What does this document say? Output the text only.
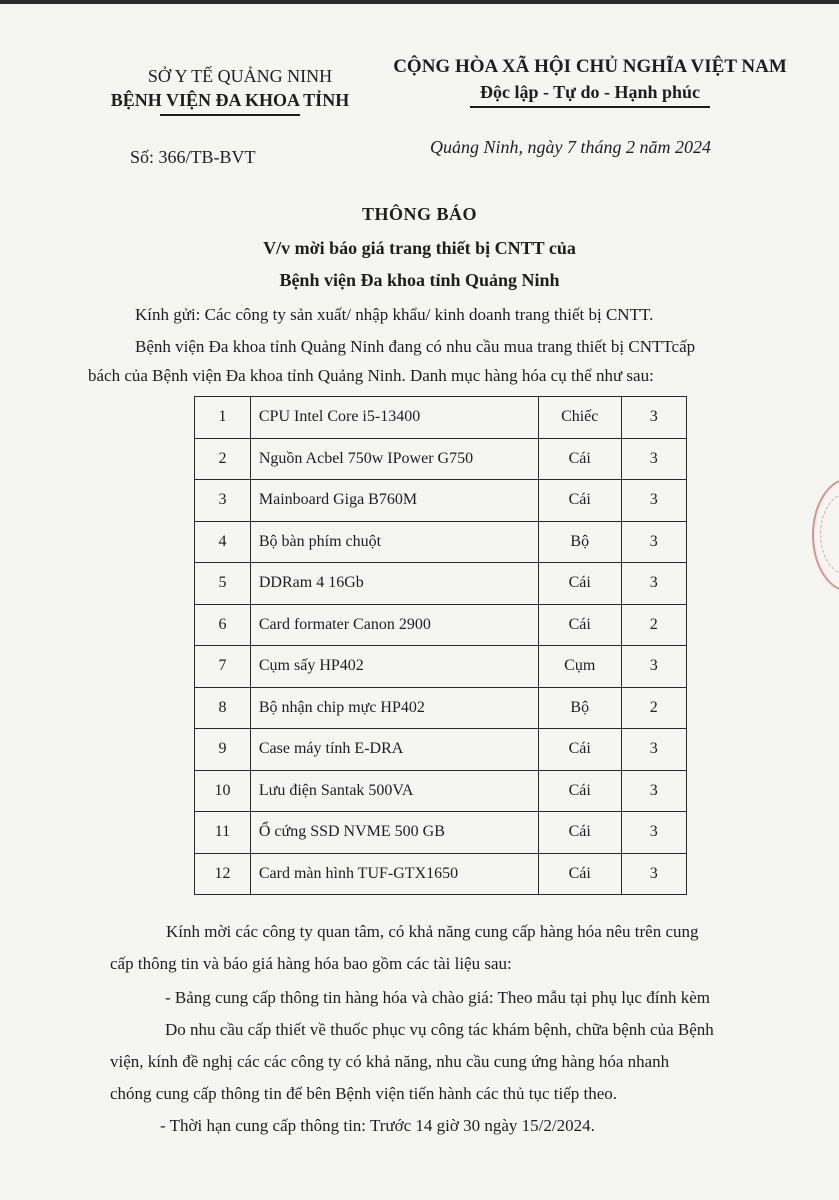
SỞ Y TẾ QUẢNG NINH
BỆNH VIỆN ĐA KHOA TỈNH
CỘNG HÒA XÃ HỘI CHỦ NGHĨA VIỆT NAM
Độc lập - Tự do - Hạnh phúc
Số: 366/TB-BVT	Quảng Ninh, ngày 7 tháng 2 năm 2024
THÔNG BÁO
V/v mời báo giá trang thiết bị CNTT của
Bệnh viện Đa khoa tỉnh Quảng Ninh
Kính gửi: Các công ty sản xuất/ nhập khẩu/ kinh doanh trang thiết bị CNTT.
Bệnh viện Đa khoa tỉnh Quảng Ninh đang có nhu cầu mua trang thiết bị CNTTcấp
bách của Bệnh viện Đa khoa tỉnh Quảng Ninh. Danh mục hàng hóa cụ thể như sau:
1	CPU Intel Core i5-13400	Chiếc	3
2	Nguồn Acbel 750w IPower G750	Cái	3
3	Mainboard Giga B760M	Cái	3
4	Bộ bàn phím chuột	Bộ	3
5	DDRam 4 16Gb	Cái	3
6	Card formater Canon 2900	Cái	2
7	Cụm sấy HP402	Cụm	3
8	Bộ nhận chip mực HP402	Bộ	2
9	Case máy tính E-DRA	Cái	3
10	Lưu điện Santak 500VA	Cái	3
11	Ổ cứng SSD NVME 500 GB	Cái	3
12	Card màn hình TUF-GTX1650	Cái	3
Kính mời các công ty quan tâm, có khả năng cung cấp hàng hóa nêu trên cung
cấp thông tin và báo giá hàng hóa bao gồm các tài liệu sau:
- Bảng cung cấp thông tin hàng hóa và chào giá: Theo mẫu tại phụ lục đính kèm
Do nhu cầu cấp thiết về thuốc phục vụ công tác khám bệnh, chữa bệnh của Bệnh
viện, kính đề nghị các các công ty có khả năng, nhu cầu cung ứng hàng hóa nhanh
chóng cung cấp thông tin để bên Bệnh viện tiến hành các thủ tục tiếp theo.
- Thời hạn cung cấp thông tin: Trước 14 giờ 30 ngày 15/2/2024.
